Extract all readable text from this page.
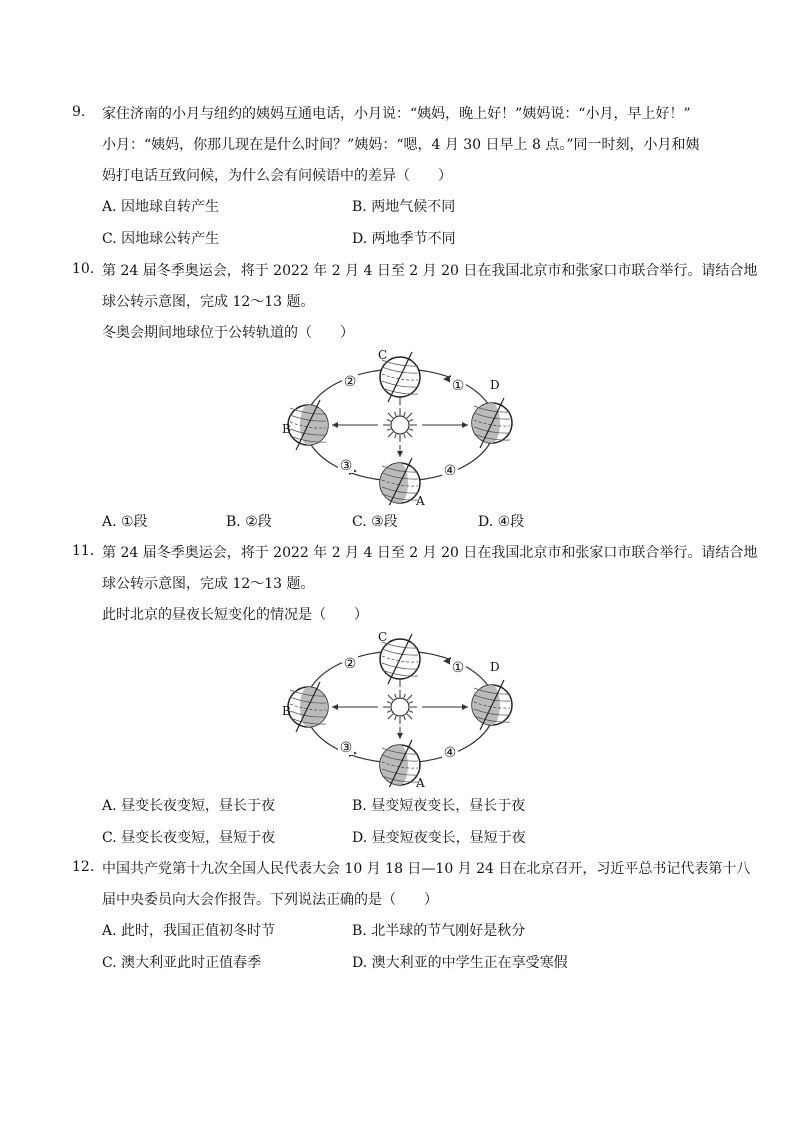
9.	家住济南的小月与纽约的姨妈互通电话，小月说：“姨妈，晚上好！”姨妈说：“小月，早上好！”
小月：“姨妈，你那儿现在是什么时间？”姨妈：“嗯，4 月 30 日早上 8 点。”同一时刻，小月和姨
妈打电话互致问候，为什么会有问候语中的差异（　　）
A. 因地球自转产生	B. 两地气候不同
C. 因地球公转产生	D. 两地季节不同
10. 第 24 届冬季奥运会，将于 2022 年 2 月 4 日至 2 月 20 日在我国北京市和张家口市联合举行。请结合地
球公转示意图，完成 12～13 题。
冬奥会期间地球位于公转轨道的（　　）
A. ①段	B. ②段	C. ③段	D. ④段
11. 第 24 届冬季奥运会，将于 2022 年 2 月 4 日至 2 月 20 日在我国北京市和张家口市联合举行。请结合地
球公转示意图，完成 12～13 题。
此时北京的昼夜长短变化的情况是（　　）
A. 昼变长夜变短，昼长于夜	B. 昼变短夜变长，昼长于夜
C. 昼变长夜变短，昼短于夜	D. 昼变短夜变长，昼短于夜
12. 中国共产党第十九次全国人民代表大会 10 月 18 日—10 月 24 日在北京召开，习近平总书记代表第十八
届中央委员向大会作报告。下列说法正确的是（　　）
A. 此时，我国正值初冬时节	B. 北半球的节气刚好是秋分
C. 澳大利亚此时正值春季	D. 澳大利亚的中学生正在享受寒假
A
B
C
D
①
②
③	④
A
B
C
D
①
②
③	④
